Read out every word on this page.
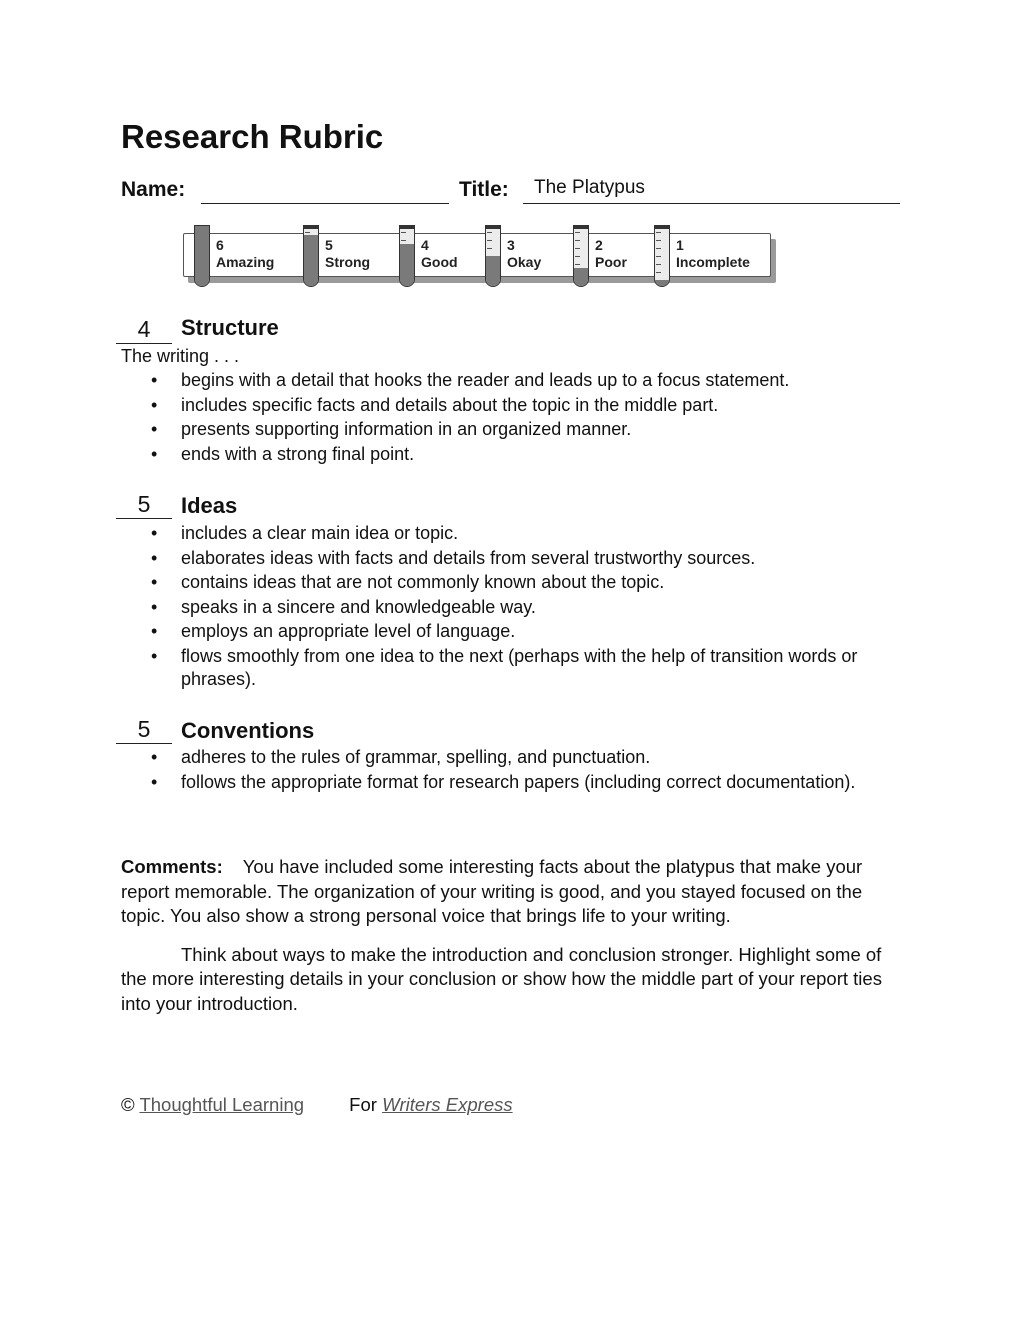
Research Rubric
Name:	Title: The Platypus
6
Amazing
5
Strong
4
Good
3
Okay
2
Poor
1
Incomplete
4	Structure
The writing . . .
• begins with a detail that hooks the reader and leads up to a focus statement.
• includes specific facts and details about the topic in the middle part.
• presents supporting information in an organized manner.
• ends with a strong final point.
5	Ideas
• includes a clear main idea or topic.
• elaborates ideas with facts and details from several trustworthy sources.
• contains ideas that are not commonly known about the topic.
• speaks in a sincere and knowledgeable way.
• employs an appropriate level of language.
• flows smoothly from one idea to the next (perhaps with the help of transition words or phrases).
5	Conventions
• adheres to the rules of grammar, spelling, and punctuation.
• follows the appropriate format for research papers (including correct documentation).

Comments: You have included some interesting facts about the platypus that make your report memorable. The organization of your writing is good, and you stayed focused on the topic. You also show a strong personal voice that brings life to your writing.

Think about ways to make the introduction and conclusion stronger. Highlight some of the more interesting details in your conclusion or show how the middle part of your report ties into your introduction.

© Thoughtful Learning For Writers Express
